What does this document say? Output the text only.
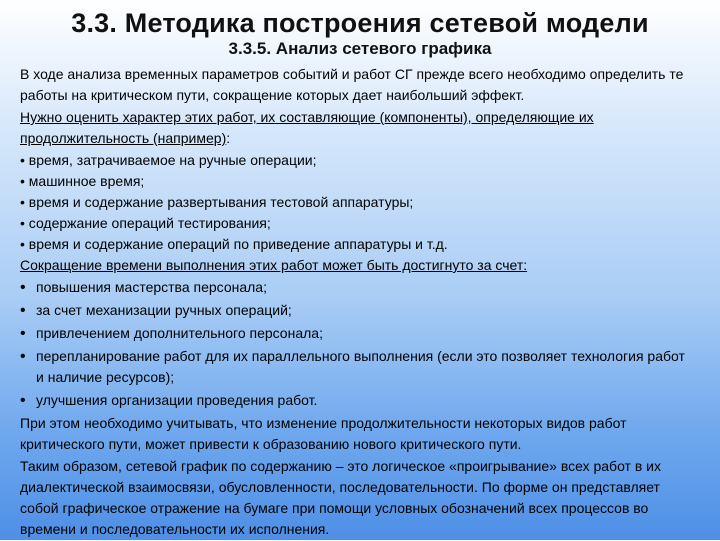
3.3. Методика построения сетевой модели
3.3.5. Анализ сетевого графика

В ходе анализа временных параметров событий и работ СГ прежде всего необходимо определить те работы на критическом пути, сокращение которых дает наибольший эффект.

Нужно оценить характер этих работ, их составляющие (компоненты), определяющие их продолжительность (например):

• время, затрачиваемое на ручные операции;
• машинное время;
• время и содержание развертывания тестовой аппаратуры;
• содержание операций тестирования;
• время и содержание операций по приведение аппаратуры и т.д.

Сокращение времени выполнения этих работ может быть достигнуто за счет:

• повышения мастерства персонала;
• за счет механизации ручных операций;
• привлечением дополнительного персонала;
• перепланирование работ для их параллельного выполнения (если это позволяет технология работ и наличие ресурсов);
• улучшения организации проведения работ.

При этом необходимо учитывать, что изменение продолжительности некоторых видов работ критического пути, может привести к образованию нового критического пути.

Таким образом, сетевой график по содержанию – это логическое «проигрывание» всех работ в их диалектической взаимосвязи, обусловленности, последовательности. По форме он представляет собой графическое отражение на бумаге при помощи условных обозначений всех процессов во времени и последовательности их исполнения.
